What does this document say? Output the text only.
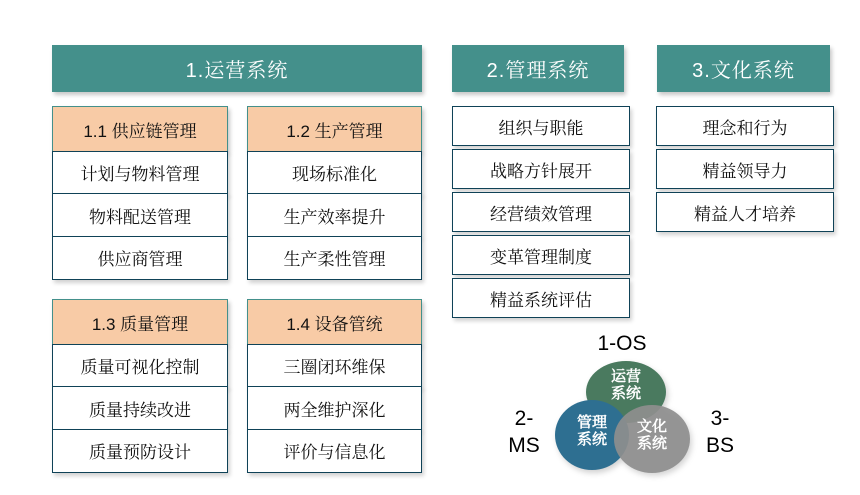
1.运营系统	2.管理系统	3.文化系统
1.1 供应链管理
计划与物料管理
物料配送管理
供应商管理
1.2 生产管理
现场标准化
生产效率提升
生产柔性管理
1.3 质量管理
质量可视化控制
质量持续改进
质量预防设计
1.4 设备管统
三圈闭环维保
两全维护深化
评价与信息化
组织与职能
战略方针展开
经营绩效管理
变革管理制度
精益系统评估
理念和行为
精益领导力
精益人才培养
运营
系统
管理
系统
文化
系统
1-OS
2-
MS
3-
BS
